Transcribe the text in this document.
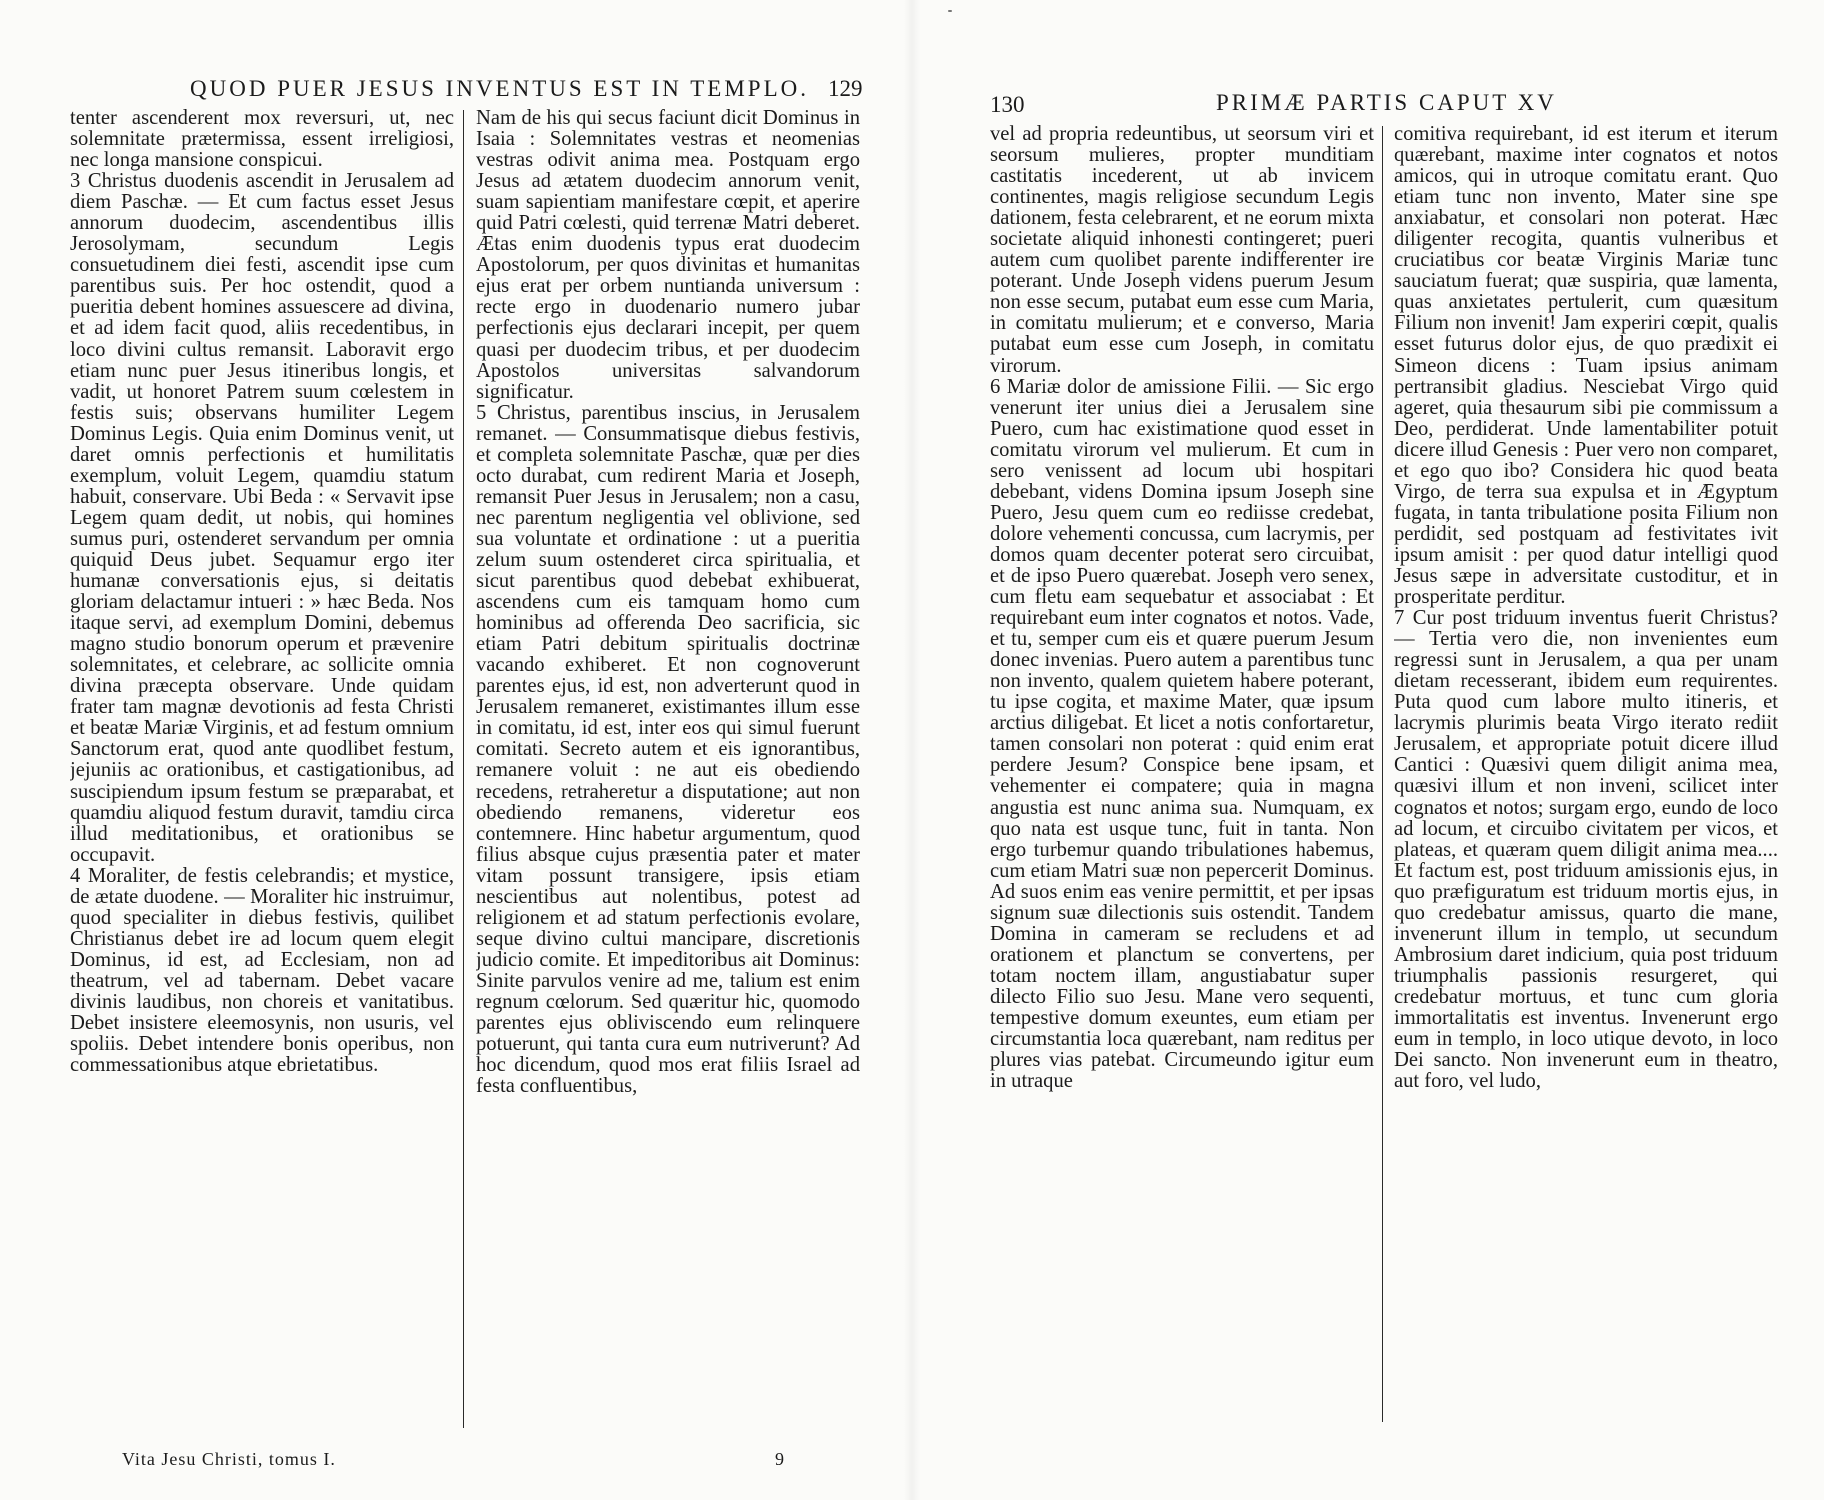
QUOD PUER JESUS INVENTUS EST IN TEMPLO. 129

tenter ascenderent mox reversuri, ut, nec solemnitate prætermissa, essent irreligiosi, nec longa mansione conspicui.

3 Christus duodenis ascendit in Jerusalem ad diem Paschæ. — Et cum factus esset Jesus annorum duodecim, ascendentibus illis Jerosolymam, secundum Legis consuetudinem diei festi, ascendit ipse cum parentibus suis. Per hoc ostendit, quod a pueritia debent homines assuescere ad divina, et ad idem facit quod, aliis recedentibus, in loco divini cultus remansit. Laboravit ergo etiam nunc puer Jesus itineribus longis, et vadit, ut honoret Patrem suum cœlestem in festis suis; observans humiliter Legem Dominus Legis. Quia enim Dominus venit, ut daret omnis perfectionis et humilitatis exemplum, voluit Legem, quamdiu statum habuit, conservare. Ubi Beda : « Servavit ipse Legem quam dedit, ut nobis, qui homines sumus puri, ostenderet servandum per omnia quiquid Deus jubet. Sequamur ergo iter humanæ conversationis ejus, si deitatis gloriam delactamur intueri : » hæc Beda. Nos itaque servi, ad exemplum Domini, debemus magno studio bonorum operum et prævenire solemnitates, et celebrare, ac sollicite omnia divina præcepta observare. Unde quidam frater tam magnæ devotionis ad festa Christi et beatæ Mariæ Virginis, et ad festum omnium Sanctorum erat, quod ante quodlibet festum, jejuniis ac orationibus, et castigationibus, ad suscipiendum ipsum festum se præparabat, et quamdiu aliquod festum duravit, tamdiu circa illud meditationibus, et orationibus se occupavit.

4 Moraliter, de festis celebrandis; et mystice, de ætate duodene. — Moraliter hic instruimur, quod specialiter in diebus festivis, quilibet Christianus debet ire ad locum quem elegit Dominus, id est, ad Ecclesiam, non ad theatrum, vel ad tabernam. Debet vacare divinis laudibus, non choreis et vanitatibus. Debet insistere eleemosynis, non usuris, vel spoliis. Debet intendere bonis operibus, non commessationibus atque ebrietatibus.

Nam de his qui secus faciunt dicit Dominus in Isaia : Solemnitates vestras et neomenias vestras odivit anima mea. Postquam ergo Jesus ad ætatem duodecim annorum venit, suam sapientiam manifestare cœpit, et aperire quid Patri cœlesti, quid terrenæ Matri deberet. Ætas enim duodenis typus erat duodecim Apostolorum, per quos divinitas et humanitas ejus erat per orbem nuntianda universum : recte ergo in duodenario numero jubar perfectionis ejus declarari incepit, per quem quasi per duodecim tribus, et per duodecim Apostolos universitas salvandorum significatur.

5 Christus, parentibus inscius, in Jerusalem remanet. — Consummatisque diebus festivis, et completa solemnitate Paschæ, quæ per dies octo durabat, cum redirent Maria et Joseph, remansit Puer Jesus in Jerusalem; non a casu, nec parentum negligentia vel oblivione, sed sua voluntate et ordinatione : ut a pueritia zelum suum ostenderet circa spiritualia, et sicut parentibus quod debebat exhibuerat, ascendens cum eis tamquam homo cum hominibus ad offerenda Deo sacrificia, sic etiam Patri debitum spiritualis doctrinæ vacando exhiberet. Et non cognoverunt parentes ejus, id est, non adverterunt quod in Jerusalem remaneret, existimantes illum esse in comitatu, id est, inter eos qui simul fuerunt comitati. Secreto autem et eis ignorantibus, remanere voluit : ne aut eis obediendo recedens, retraheretur a disputatione; aut non obediendo remanens, videretur eos contemnere. Hinc habetur argumentum, quod filius absque cujus præsentia pater et mater vitam possunt transigere, ipsis etiam nescientibus aut nolentibus, potest ad religionem et ad statum perfectionis evolare, seque divino cultui mancipare, discretionis judicio comite. Et impeditoribus ait Dominus: Sinite parvulos venire ad me, talium est enim regnum cœlorum. Sed quæritur hic, quomodo parentes ejus obliviscendo eum relinquere potuerunt, qui tanta cura eum nutriverunt? Ad hoc dicendum, quod mos erat filiis Israel ad festa confluentibus,

Vita Jesu Christi, tomus I.	9
130	PRIMÆ PARTIS CAPUT XV

vel ad propria redeuntibus, ut seorsum viri et seorsum mulieres, propter munditiam castitatis incederent, ut ab invicem continentes, magis religiose secundum Legis dationem, festa celebrarent, et ne eorum mixta societate aliquid inhonesti contingeret; pueri autem cum quolibet parente indifferenter ire poterant. Unde Joseph videns puerum Jesum non esse secum, putabat eum esse cum Maria, in comitatu mulierum; et e converso, Maria putabat eum esse cum Joseph, in comitatu virorum.

6 Mariæ dolor de amissione Filii. — Sic ergo venerunt iter unius diei a Jerusalem sine Puero, cum hac existimatione quod esset in comitatu virorum vel mulierum. Et cum in sero venissent ad locum ubi hospitari debebant, videns Domina ipsum Joseph sine Puero, Jesu quem cum eo rediisse credebat, dolore vehementi concussa, cum lacrymis, per domos quam decenter poterat sero circuibat, et de ipso Puero quærebat. Joseph vero senex, cum fletu eam sequebatur et associabat : Et requirebant eum inter cognatos et notos. Vade, et tu, semper cum eis et quære puerum Jesum donec invenias. Puero autem a parentibus tunc non invento, qualem quietem habere poterant, tu ipse cogita, et maxime Mater, quæ ipsum arctius diligebat. Et licet a notis confortaretur, tamen consolari non poterat : quid enim erat perdere Jesum? Conspice bene ipsam, et vehementer ei compatere; quia in magna angustia est nunc anima sua. Numquam, ex quo nata est usque tunc, fuit in tanta. Non ergo turbemur quando tribulationes habemus, cum etiam Matri suæ non pepercerit Dominus. Ad suos enim eas venire permittit, et per ipsas signum suæ dilectionis suis ostendit. Tandem Domina in cameram se recludens et ad orationem et planctum se convertens, per totam noctem illam, angustiabatur super dilecto Filio suo Jesu. Mane vero sequenti, tempestive domum exeuntes, eum etiam per circumstantia loca quærebant, nam reditus per plures vias patebat. Circumeundo igitur eum in utraque

comitiva requirebant, id est iterum et iterum quærebant, maxime inter cognatos et notos amicos, qui in utroque comitatu erant. Quo etiam tunc non invento, Mater sine spe anxiabatur, et consolari non poterat. Hæc diligenter recogita, quantis vulneribus et cruciatibus cor beatæ Virginis Mariæ tunc sauciatum fuerat; quæ suspiria, quæ lamenta, quas anxietates pertulerit, cum quæsitum Filium non invenit! Jam experiri cœpit, qualis esset futurus dolor ejus, de quo prædixit ei Simeon dicens : Tuam ipsius animam pertransibit gladius. Nesciebat Virgo quid ageret, quia thesaurum sibi pie commissum a Deo, perdiderat. Unde lamentabiliter potuit dicere illud Genesis : Puer vero non comparet, et ego quo ibo? Considera hic quod beata Virgo, de terra sua expulsa et in Ægyptum fugata, in tanta tribulatione posita Filium non perdidit, sed postquam ad festivitates ivit ipsum amisit : per quod datur intelligi quod Jesus sæpe in adversitate custoditur, et in prosperitate perditur.

7 Cur post triduum inventus fuerit Christus? — Tertia vero die, non invenientes eum regressi sunt in Jerusalem, a qua per unam dietam recesserant, ibidem eum requirentes. Puta quod cum labore multo itineris, et lacrymis plurimis beata Virgo iterato rediit Jerusalem, et appropriate potuit dicere illud Cantici : Quæsivi quem diligit anima mea, quæsivi illum et non inveni, scilicet inter cognatos et notos; surgam ergo, eundo de loco ad locum, et circuibo civitatem per vicos, et plateas, et quæram quem diligit anima mea.... Et factum est, post triduum amissionis ejus, in quo præfiguratum est triduum mortis ejus, in quo credebatur amissus, quarto die mane, invenerunt illum in templo, ut secundum Ambrosium daret indicium, quia post triduum triumphalis passionis resurgeret, qui credebatur mortuus, et tunc cum gloria immortalitatis est inventus. Invenerunt ergo eum in templo, in loco utique devoto, in loco Dei sancto. Non invenerunt eum in theatro, aut foro, vel ludo,
